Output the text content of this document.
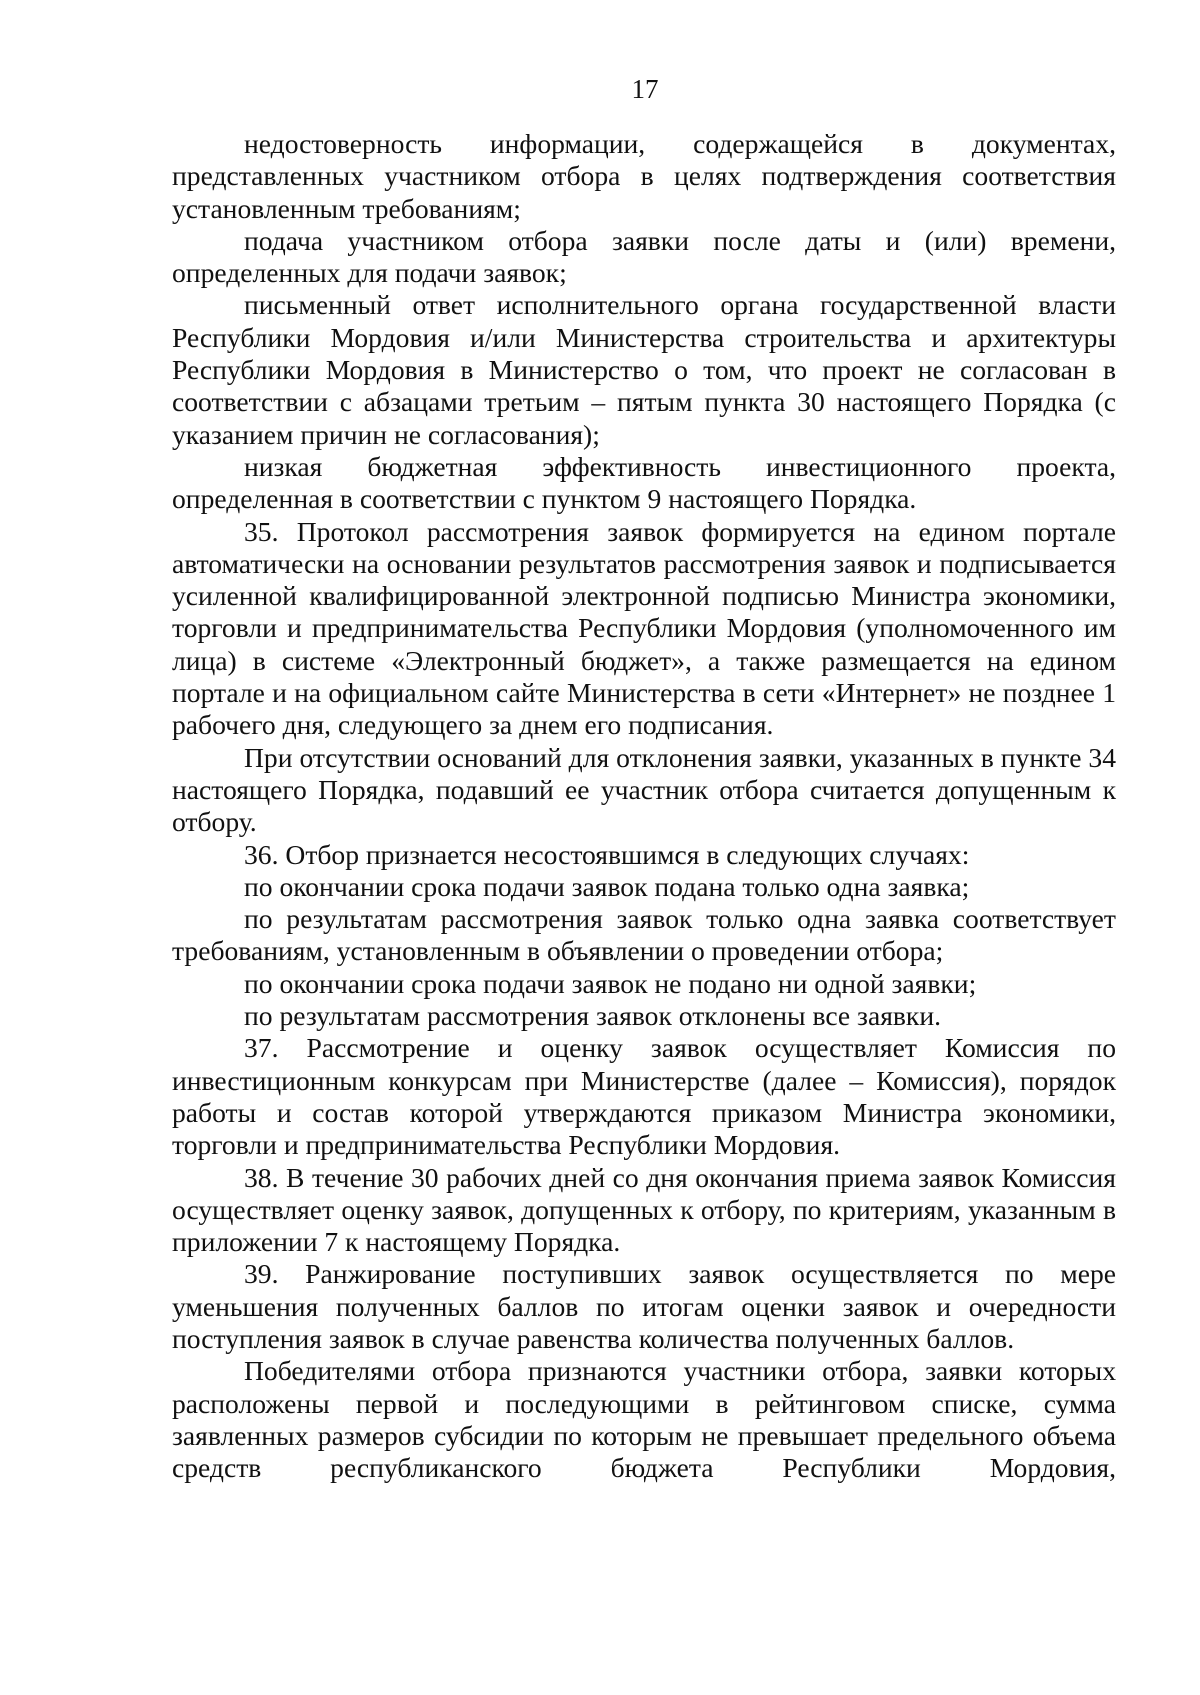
17

недостоверность информации, содержащейся в документах, представленных участником отбора в целях подтверждения соответствия установленным требованиям;

подача участником отбора заявки после даты и (или) времени, определенных для подачи заявок;

письменный ответ исполнительного органа государственной власти Республики Мордовия и/или Министерства строительства и архитектуры Республики Мордовия в Министерство о том, что проект не согласован в соответствии с абзацами третьим – пятым пункта 30 настоящего Порядка (с указанием причин не согласования);

низкая бюджетная эффективность инвестиционного проекта, определенная в соответствии с пунктом 9 настоящего Порядка.

35. Протокол рассмотрения заявок формируется на едином портале автоматически на основании результатов рассмотрения заявок и подписывается усиленной квалифицированной электронной подписью Министра экономики, торговли и предпринимательства Республики Мордовия (уполномоченного им лица) в системе «Электронный бюджет», а также размещается на едином портале и на официальном сайте Министерства в сети «Интернет» не позднее 1 рабочего дня, следующего за днем его подписания.

При отсутствии оснований для отклонения заявки, указанных в пункте 34 настоящего Порядка, подавший ее участник отбора считается допущенным к отбору.

36. Отбор признается несостоявшимся в следующих случаях:

по окончании срока подачи заявок подана только одна заявка;

по результатам рассмотрения заявок только одна заявка соответствует требованиям, установленным в объявлении о проведении отбора;

по окончании срока подачи заявок не подано ни одной заявки;

по результатам рассмотрения заявок отклонены все заявки.

37. Рассмотрение и оценку заявок осуществляет Комиссия по инвестиционным конкурсам при Министерстве (далее – Комиссия), порядок работы и состав которой утверждаются приказом Министра экономики, торговли и предпринимательства Республики Мордовия.

38. В течение 30 рабочих дней со дня окончания приема заявок Комиссия осуществляет оценку заявок, допущенных к отбору, по критериям, указанным в приложении 7 к настоящему Порядка.

39. Ранжирование поступивших заявок осуществляется по мере уменьшения полученных баллов по итогам оценки заявок и очередности поступления заявок в случае равенства количества полученных баллов.

Победителями отбора признаются участники отбора, заявки которых расположены первой и последующими в рейтинговом списке, сумма заявленных размеров субсидии по которым не превышает предельного объема средств республиканского бюджета Республики Мордовия,
